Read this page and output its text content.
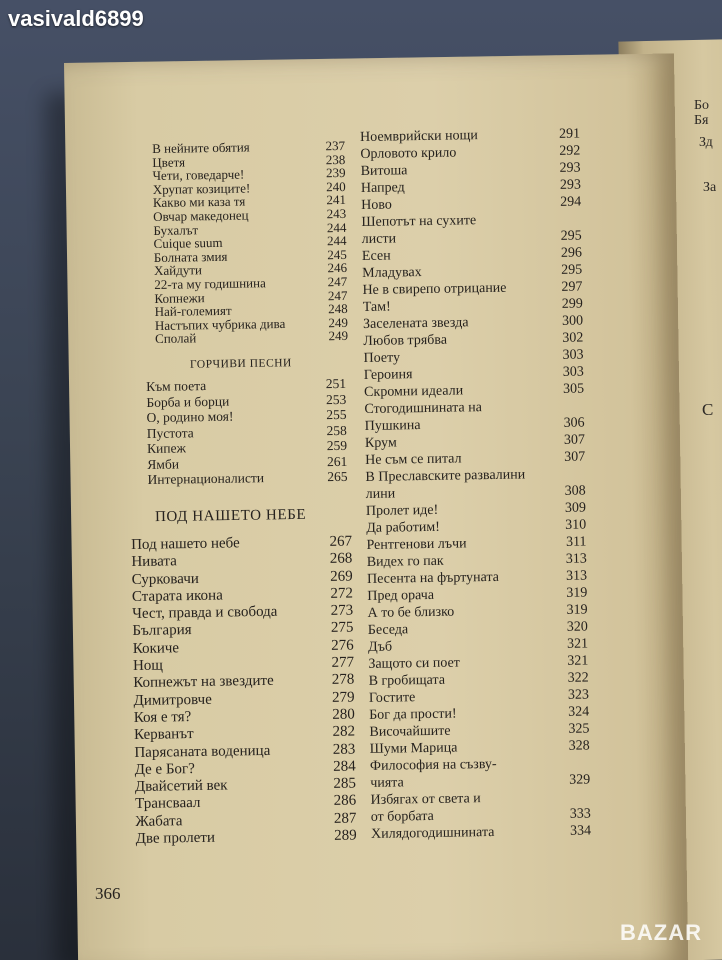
Бо
Бя
Зд
За
С
В нейните обятия	237
Цветя	238
Чети, говедарче!	239
Хрупат козиците!	240
Какво ми каза тя	241
Овчар македонец	243
Бухалът	244
Cuique suum	244
Болната змия	245
Хайдути	246
22-та му годишнина	247
Копнежи	247
Най-големият	248
Настъпих чубрика дива	249
Сполай	249
ГОРЧИВИ ПЕСНИ
Към поета	251
Борба и борци	253
О, родино моя!	255
Пустота	258
Кипеж	259
Ямби	261
Интернационалисти	265
ПОД НАШЕТО НЕБЕ
Под нашето небе	267
Нивата	268
Сурковачи	269
Старата икона	272
Чест, правда и свобода	273
България	275
Кокиче	276
Нощ	277
Копнежът на звездите	278
Димитровче	279
Коя е тя?	280
Керванът	282
Парясаната воденица	283
Де е Бог?	284
Двайсетий век	285
Трансваал	286
Жабата	287
Две пролети	289
Ноемврийски нощи	291
Орловото крило	292
Витоша	293
Напред	293
Ново	294
Шепотът на сухите
листи	295
Есен	296
Младувах	295
Не в свирепо отрицание	297
Там!	299
Заселената звезда	300
Любов трябва	302
Поету	303
Героиня	303
Скромни идеали	305
Стогодишнината на
Пушкина	306
Крум	307
Не съм се питал	307
В Преславските развалини
лини	308
Пролет иде!	309
Да работим!	310
Рентгенови лъчи	311
Видех го пак	313
Песента на фъртуната	313
Пред орача	319
А то бе близко	319
Беседа	320
Дъб	321
Защото си поет	321
В гробищата	322
Гостите	323
Бог да прости!	324
Височайшите	325
Шуми Марица	328
Философия на съзву-
чията	329
Избягах от света и
от борбата	333
Хилядогодишнината	334
366
vasivald6899
BAZAR
